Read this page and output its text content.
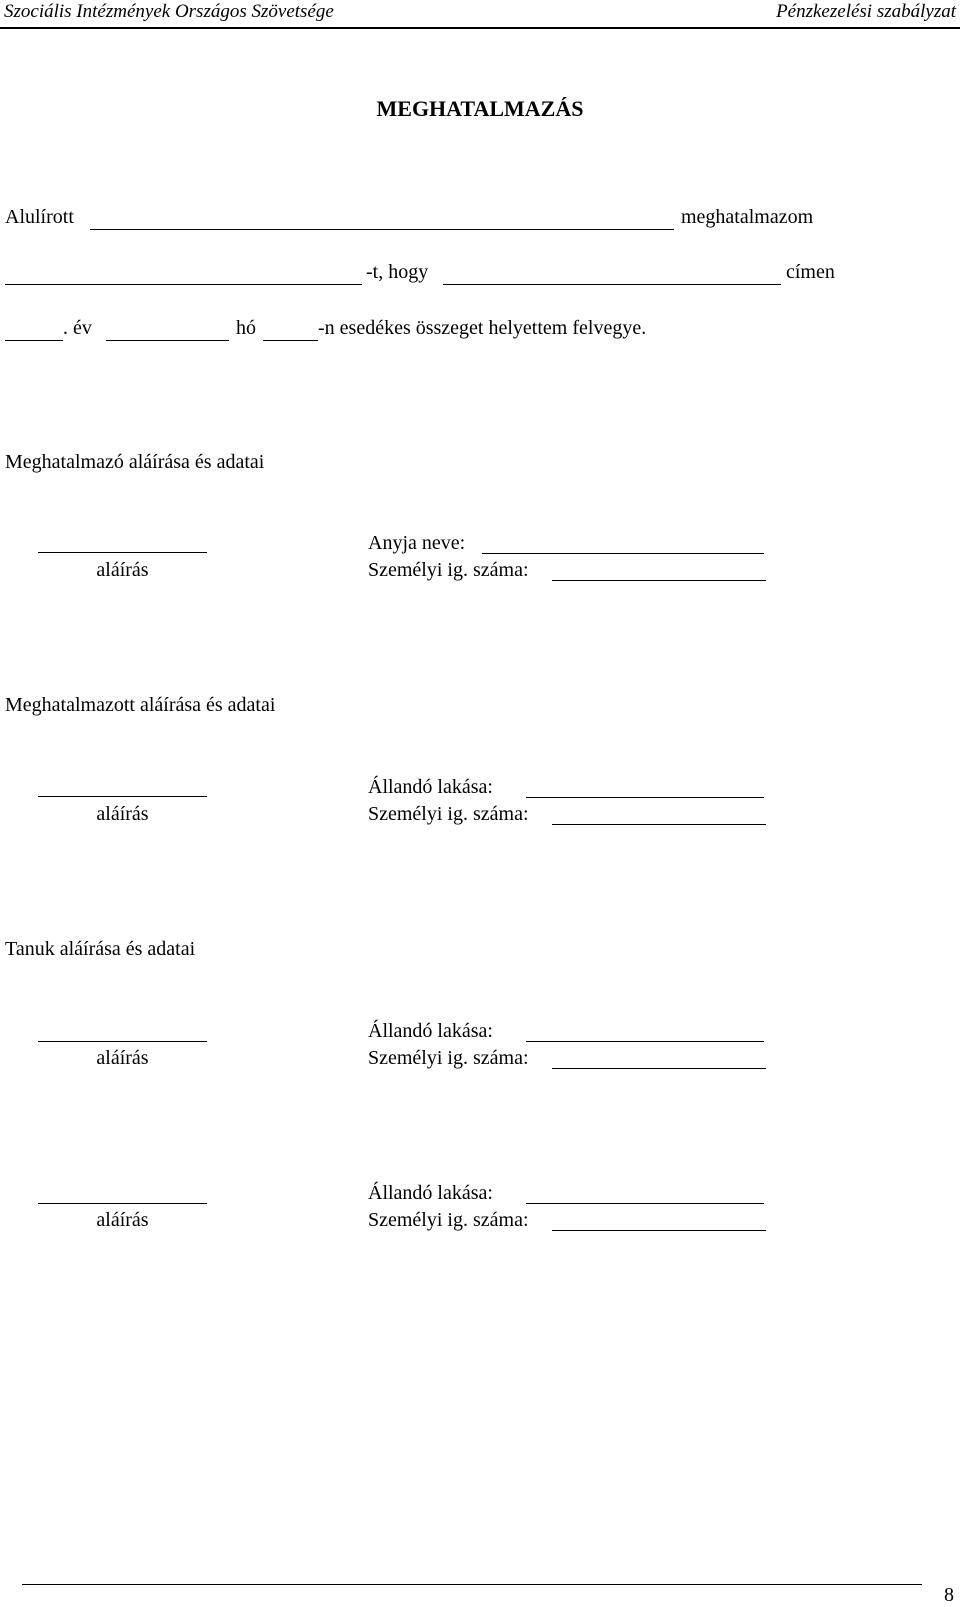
Szociális Intézmények Országos Szövetsége	Pénzkezelési szabályzat
MEGHATALMAZÁS
Alulírott	meghatalmazom
-t, hogy	címen
. év	hó	-n esedékes összeget helyettem felvegye.
Meghatalmazó aláírása és adatai
aláírás
Anyja neve:
Személyi ig. száma:
Meghatalmazott aláírása és adatai
aláírás
Állandó lakása:
Személyi ig. száma:
Tanuk aláírása és adatai
aláírás
Állandó lakása:
Személyi ig. száma:
aláírás
Állandó lakása:
Személyi ig. száma:
8
